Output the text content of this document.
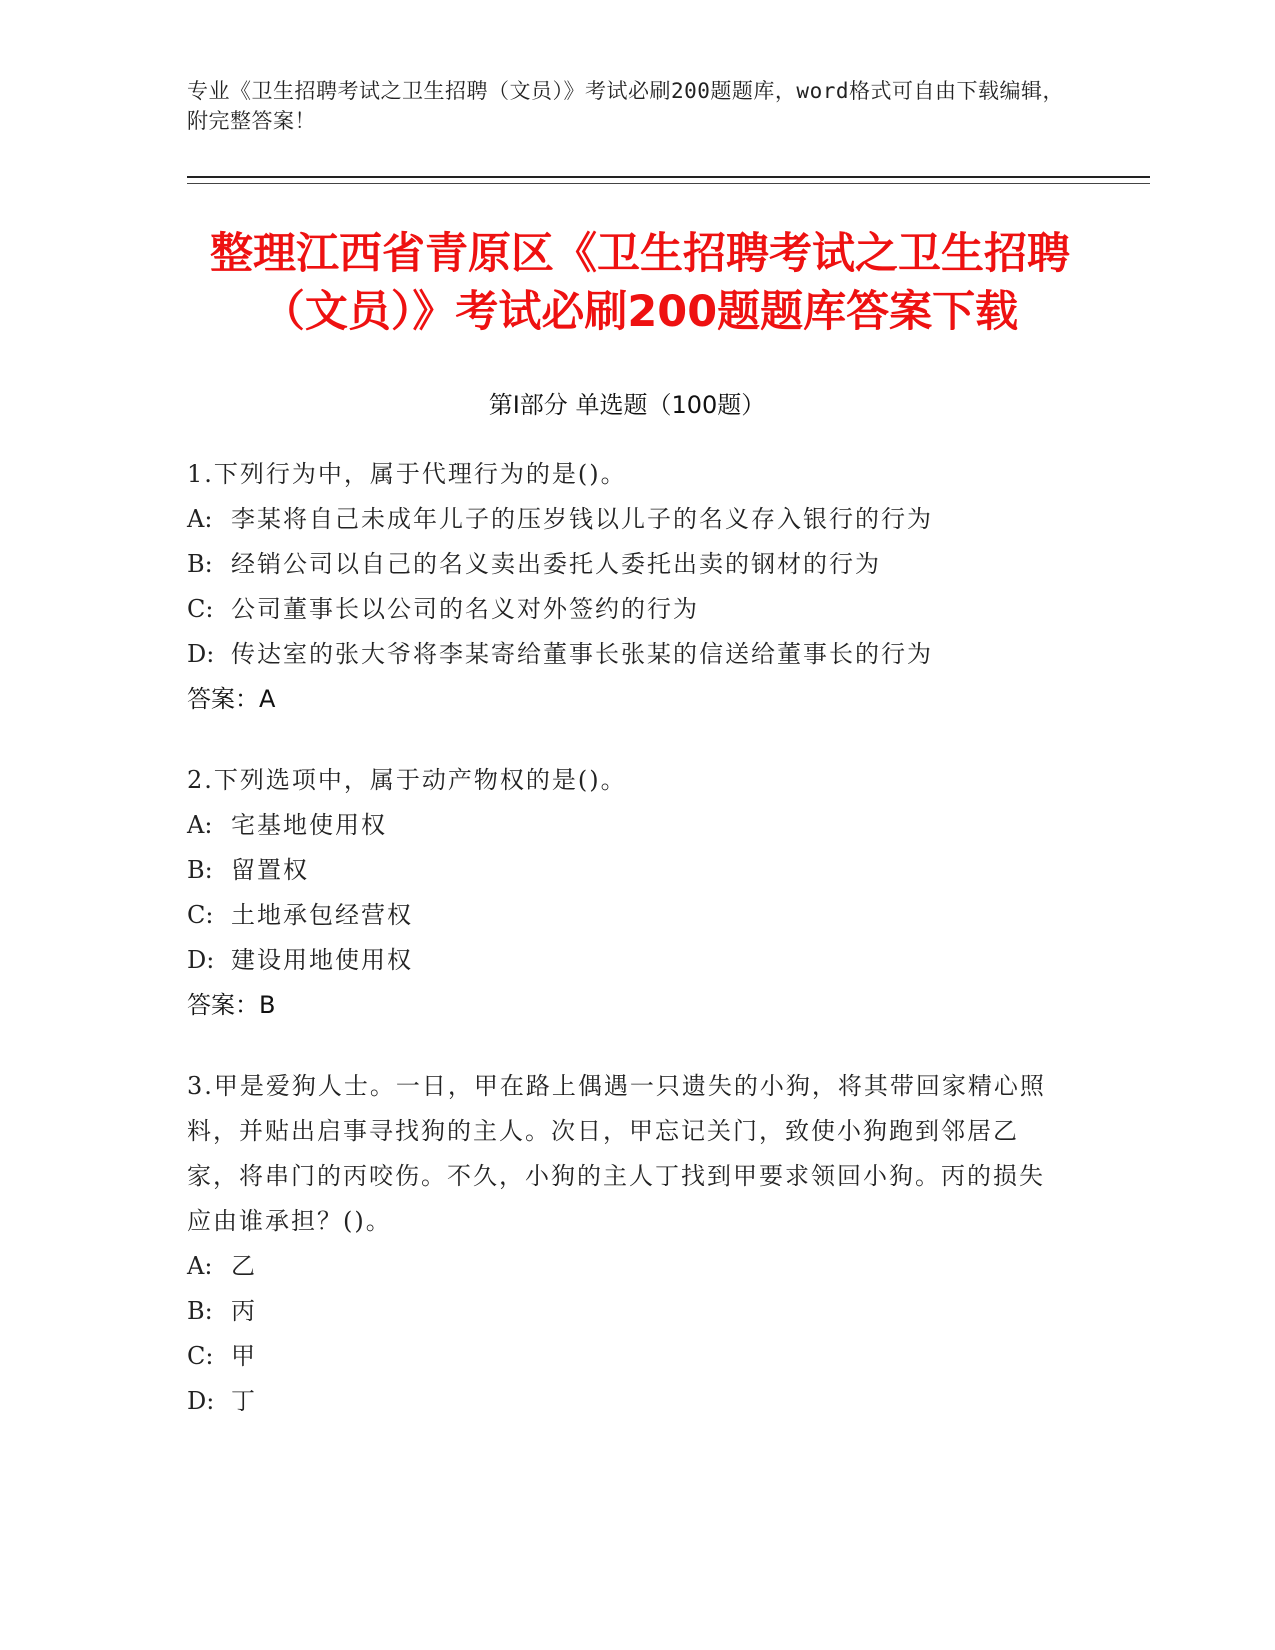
专业《卫生招聘考试之卫生招聘（文员）》考试必刷200题题库，word格式可自由下载编辑，附完整答案！
整理江西省青原区《卫生招聘考试之卫生招聘（文员）》考试必刷200题题库答案下载
第Ⅰ部分 单选题（100题）

1.下列行为中，属于代理行为的是()。

A: 李某将自己未成年儿子的压岁钱以儿子的名义存入银行的行为

B: 经销公司以自己的名义卖出委托人委托出卖的钢材的行为

C: 公司董事长以公司的名义对外签约的行为

D: 传达室的张大爷将李某寄给董事长张某的信送给董事长的行为

答案：A

2.下列选项中，属于动产物权的是()。

A: 宅基地使用权

B: 留置权

C: 土地承包经营权

D: 建设用地使用权

答案：B

3.甲是爱狗人士。一日，甲在路上偶遇一只遗失的小狗，将其带回家精心照料，并贴出启事寻找狗的主人。次日，甲忘记关门，致使小狗跑到邻居乙家，将串门的丙咬伤。不久，小狗的主人丁找到甲要求领回小狗。丙的损失应由谁承担？()。

A: 乙

B: 丙

C: 甲

D: 丁
